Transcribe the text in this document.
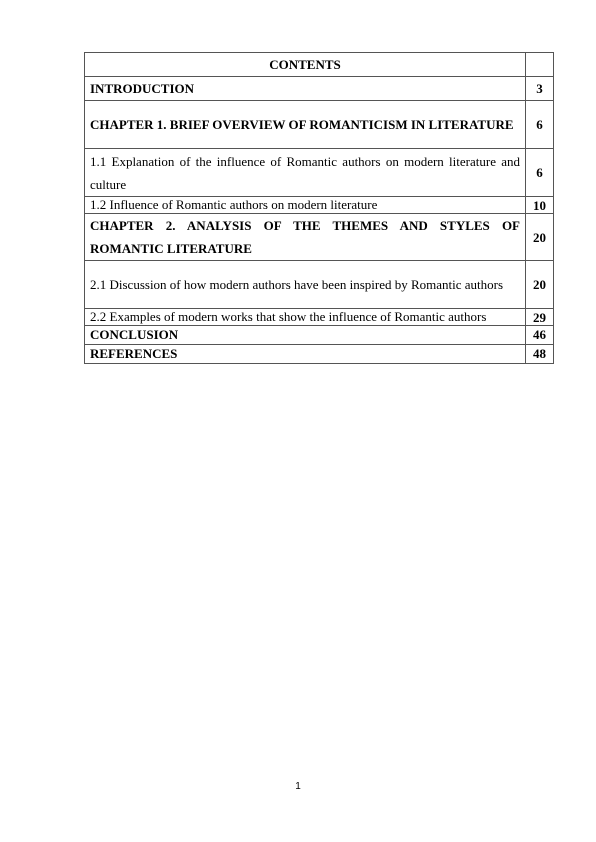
CONTENTS	
INTRODUCTION	3
CHAPTER 1. BRIEF OVERVIEW OF ROMANTICISM IN LITERATURE	6
1.1 Explanation of the influence of Romantic authors on modern literature and culture	6
1.2 Influence of Romantic authors on modern literature	10
CHAPTER 2. ANALYSIS OF THE THEMES AND STYLES OF ROMANTIC LITERATURE	20
2.1 Discussion of how modern authors have been inspired by Romantic authors	20
2.2 Examples of modern works that show the influence of Romantic authors	29
CONCLUSION	46
REFERENCES	48
1
